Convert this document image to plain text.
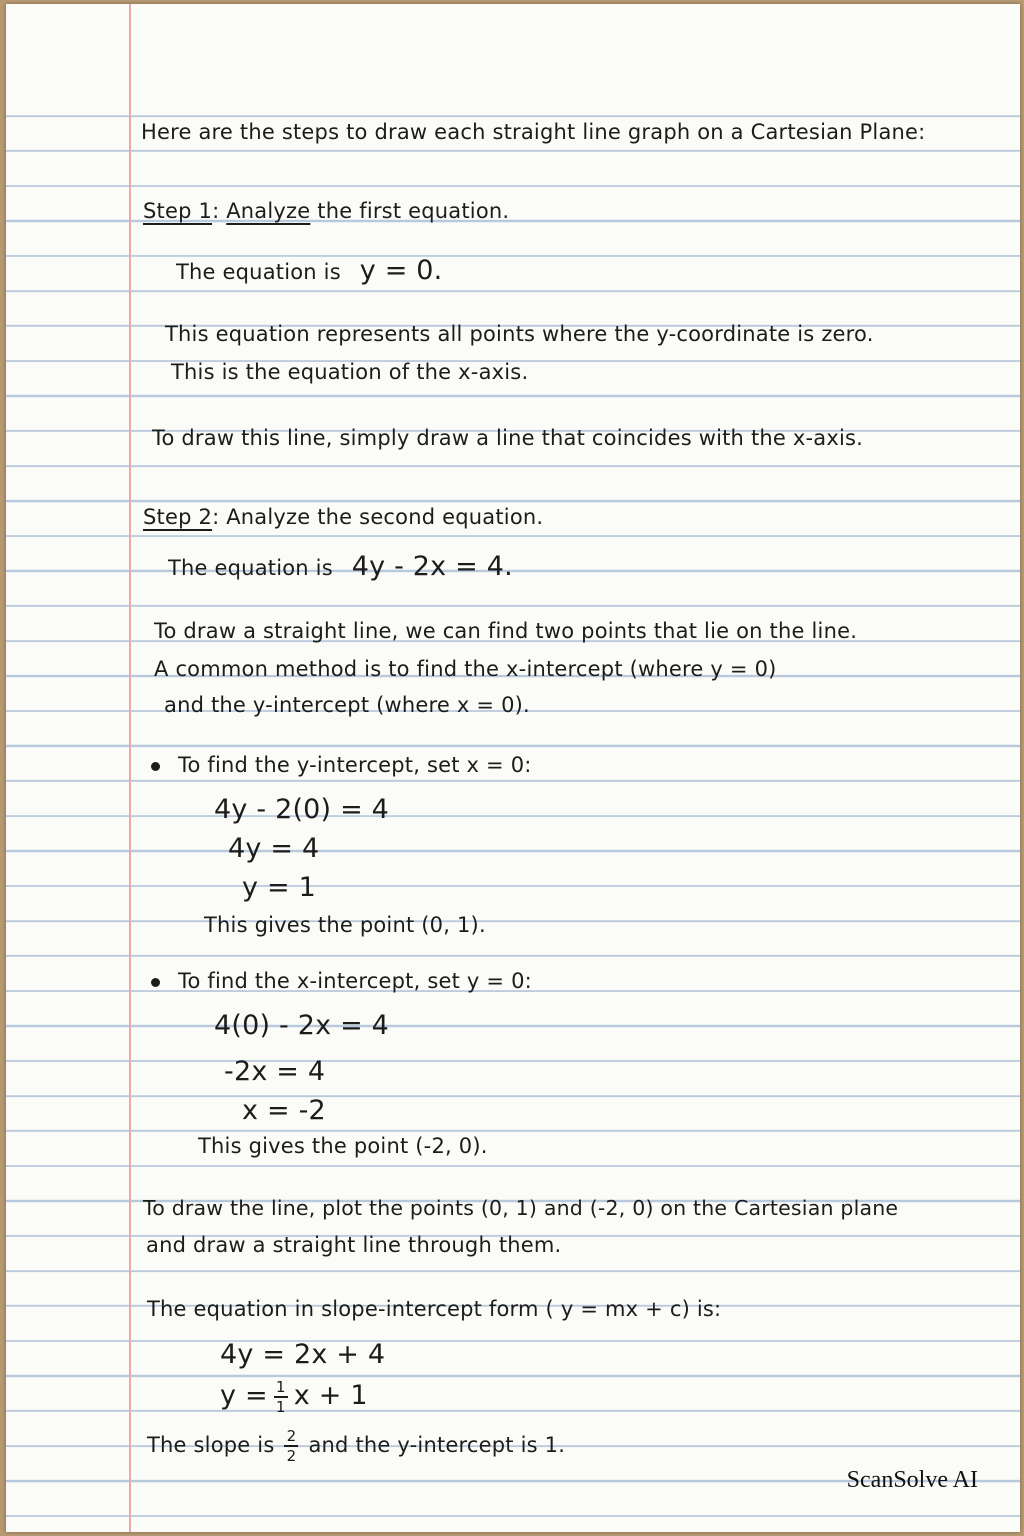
Here are the steps to draw each straight line graph on a Cartesian Plane:
Step 1: Analyze the first equation.
The equation is y = 0.
This equation represents all points where the y-coordinate is zero.
This is the equation of the x-axis.
To draw this line, simply draw a line that coincides with the x-axis.
Step 2: Analyze the second equation.
The equation is 4y - 2x = 4.
To draw a straight line, we can find two points that lie on the line.
A common method is to find the x-intercept (where y = 0)
and the y-intercept (where x = 0).
To find the y-intercept, set x = 0:
4y - 2(0) = 4
4y = 4
y = 1
This gives the point (0, 1).
To find the x-intercept, set y = 0:
4(0) - 2x = 4
-2x = 4
x = -2
This gives the point (-2, 0).
To draw the line, plot the points (0, 1) and (-2, 0) on the Cartesian plane
and draw a straight line through them.
The equation in slope-intercept form ( y = mx + c) is:
4y = 2x + 4
$y = \frac{1}{1}$ x + 1
The slope is $\frac{2}{2}$ and the y-intercept is 1.
ScanSolve AI
